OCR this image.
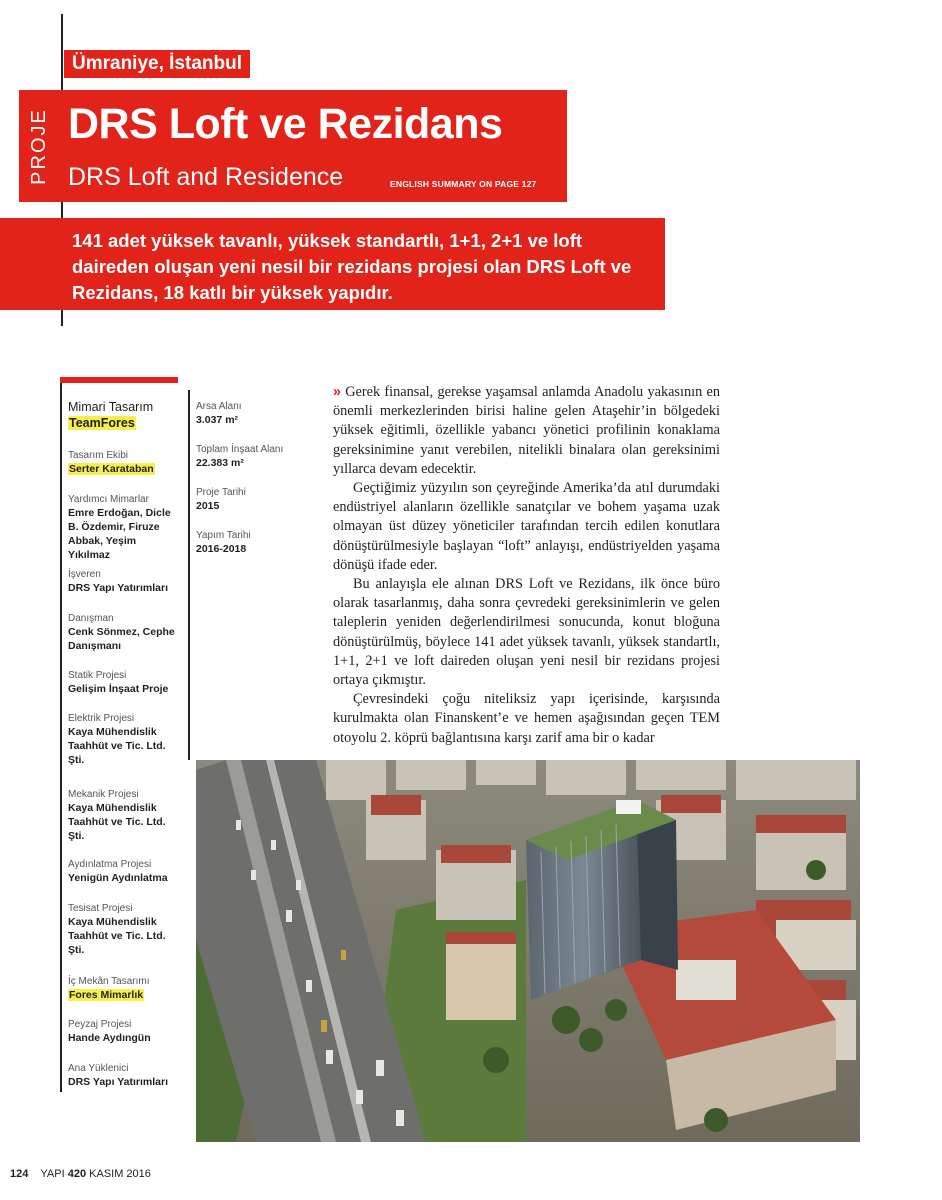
Ümraniye, İstanbul
PROJE DRS Loft ve Rezidans
DRS Loft and Residence	ENGLISH SUMMARY ON PAGE 127
141 adet yüksek tavanlı, yüksek standartlı, 1+1, 2+1 ve loft daireden oluşan yeni nesil bir rezidans projesi olan DRS Loft ve Rezidans, 18 katlı bir yüksek yapıdır.
Mimari Tasarım
TeamFores
Tasarım Ekibi
Serter Karataban
Yardımcı Mimarlar
Emre Erdoğan, Dicle B. Özdemir, Firuze Abbak, Yeşim Yıkılmaz
İşveren
DRS Yapı Yatırımları
Danışman
Cenk Sönmez, Cephe Danışmanı
Statik Projesi
Gelişim İnşaat Proje
Elektrik Projesi
Kaya Mühendislik Taahhüt ve Tic. Ltd. Şti.
Mekanik Projesi
Kaya Mühendislik Taahhüt ve Tic. Ltd. Şti.
Aydınlatma Projesi
Yenigün Aydınlatma
Tesisat Projesi
Kaya Mühendislik Taahhüt ve Tic. Ltd. Şti.
İç Mekân Tasarımı
Fores Mimarlık
Peyzaj Projesi
Hande Aydıngün
Ana Yüklenici
DRS Yapı Yatırımları
Arsa Alanı
3.037 m²
Toplam İnşaat Alanı
22.383 m²
Proje Tarihi
2015
Yapım Tarihi
2016-2018

» Gerek finansal, gerekse yaşamsal anlamda Anadolu yakasının en önemli merkezlerinden birisi haline gelen Ataşehir’in bölgedeki yüksek eğitimli, özellikle yabancı yönetici profilinin konaklama gereksinimine yanıt verebilen, nitelikli binalara olan gereksinimi yıllarca devam edecektir.

Geçtiğimiz yüzyılın son çeyreğinde Amerika’da atıl durumdaki endüstriyel alanların özellikle sanatçılar ve bohem yaşama uzak olmayan üst düzey yöneticiler tarafından tercih edilen konutlara dönüştürülmesiyle başlayan “loft” anlayışı, endüstriyelden yaşama dönüşü ifade eder.

Bu anlayışla ele alınan DRS Loft ve Rezidans, ilk önce büro olarak tasarlanmış, daha sonra çevredeki gereksinimlerin ve gelen taleplerin yeniden değerlendirilmesi sonucunda, konut bloğuna dönüştürülmüş, böylece 141 adet yüksek tavanlı, yüksek standartlı, 1+1, 2+1 ve loft daireden oluşan yeni nesil bir rezidans projesi ortaya çıkmıştır.

Çevresindeki çoğu niteliksiz yapı içerisinde, karşısında kurulmakta olan Finanskent’e ve hemen aşağısından geçen TEM otoyolu 2. köprü bağlantısına karşı zarif ama bir o kadar

124 YAPI 420 KASIM 2016
